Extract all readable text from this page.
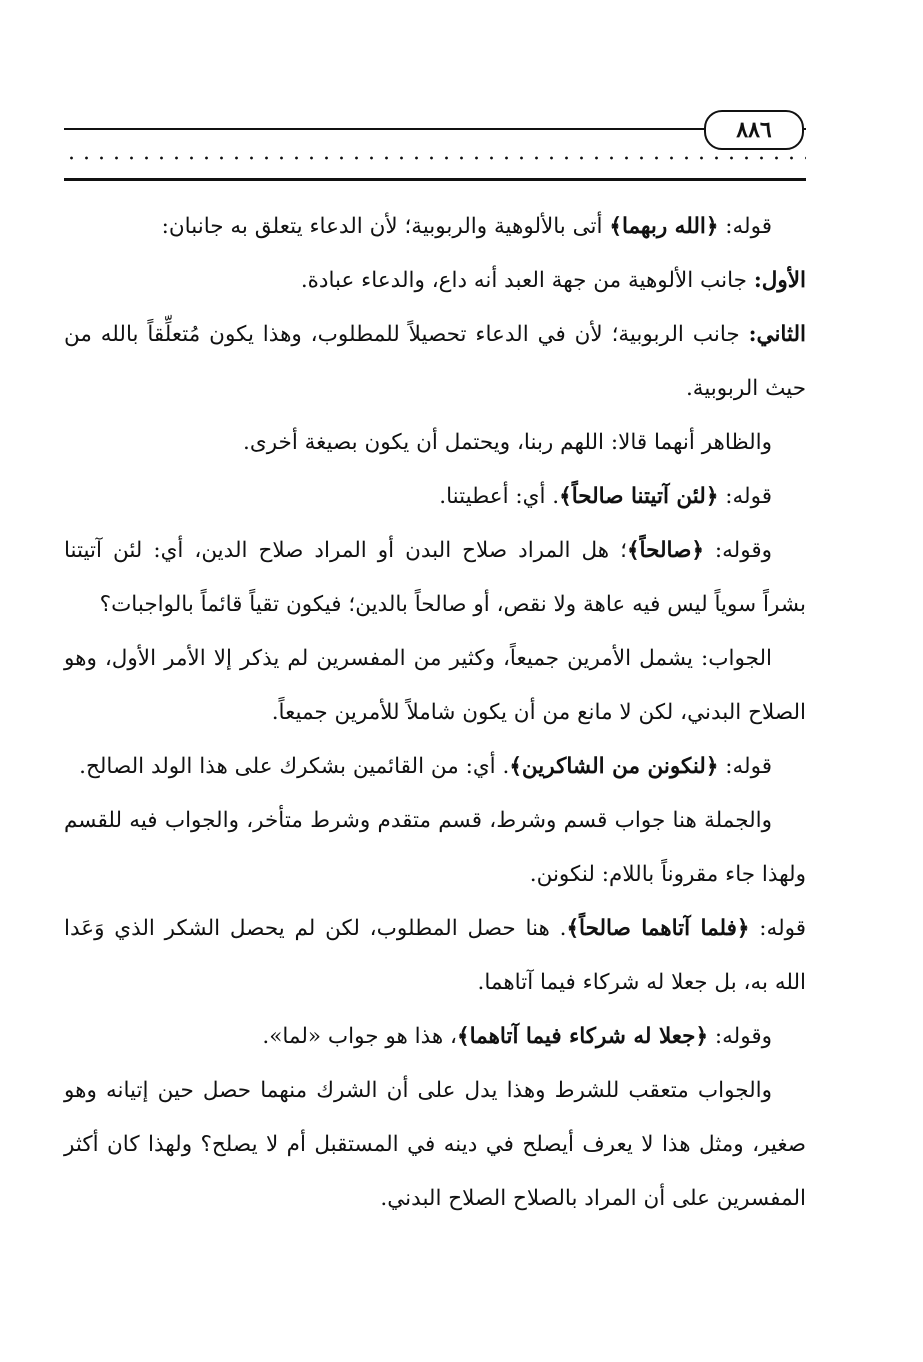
٨٨٦

قوله: ﴿الله ربهما﴾ أتى بالألوهية والربوبية؛ لأن الدعاء يتعلق به جانبان:

الأول: جانب الألوهية من جهة العبد أنه داع، والدعاء عبادة.

الثاني: جانب الربوبية؛ لأن في الدعاء تحصيلاً للمطلوب، وهذا يكون مُتعلِّقاً بالله من حيث الربوبية.

والظاهر أنهما قالا: اللهم ربنا، ويحتمل أن يكون بصيغة أخرى.

قوله: ﴿لئن آتيتنا صالحاً﴾. أي: أعطيتنا.

وقوله: ﴿صالحاً﴾؛ هل المراد صلاح البدن أو المراد صلاح الدين، أي: لئن آتيتنا بشراً سوياً ليس فيه عاهة ولا نقص، أو صالحاً بالدين؛ فيكون تقياً قائماً بالواجبات؟

الجواب: يشمل الأمرين جميعاً، وكثير من المفسرين لم يذكر إلا الأمر الأول، وهو الصلاح البدني، لكن لا مانع من أن يكون شاملاً للأمرين جميعاً.

قوله: ﴿لنكونن من الشاكرين﴾. أي: من القائمين بشكرك على هذا الولد الصالح.

والجملة هنا جواب قسم وشرط، قسم متقدم وشرط متأخر، والجواب فيه للقسم ولهذا جاء مقروناً باللام: لنكونن.

قوله: ﴿فلما آتاهما صالحاً﴾. هنا حصل المطلوب، لكن لم يحصل الشكر الذي وَعَدا الله به، بل جعلا له شركاء فيما آتاهما.

وقوله: ﴿جعلا له شركاء فيما آتاهما﴾، هذا هو جواب «لما».

والجواب متعقب للشرط وهذا يدل على أن الشرك منهما حصل حين إتيانه وهو صغير، ومثل هذا لا يعرف أيصلح في دينه في المستقبل أم لا يصلح؟ ولهذا كان أكثر المفسرين على أن المراد بالصلاح الصلاح البدني.
